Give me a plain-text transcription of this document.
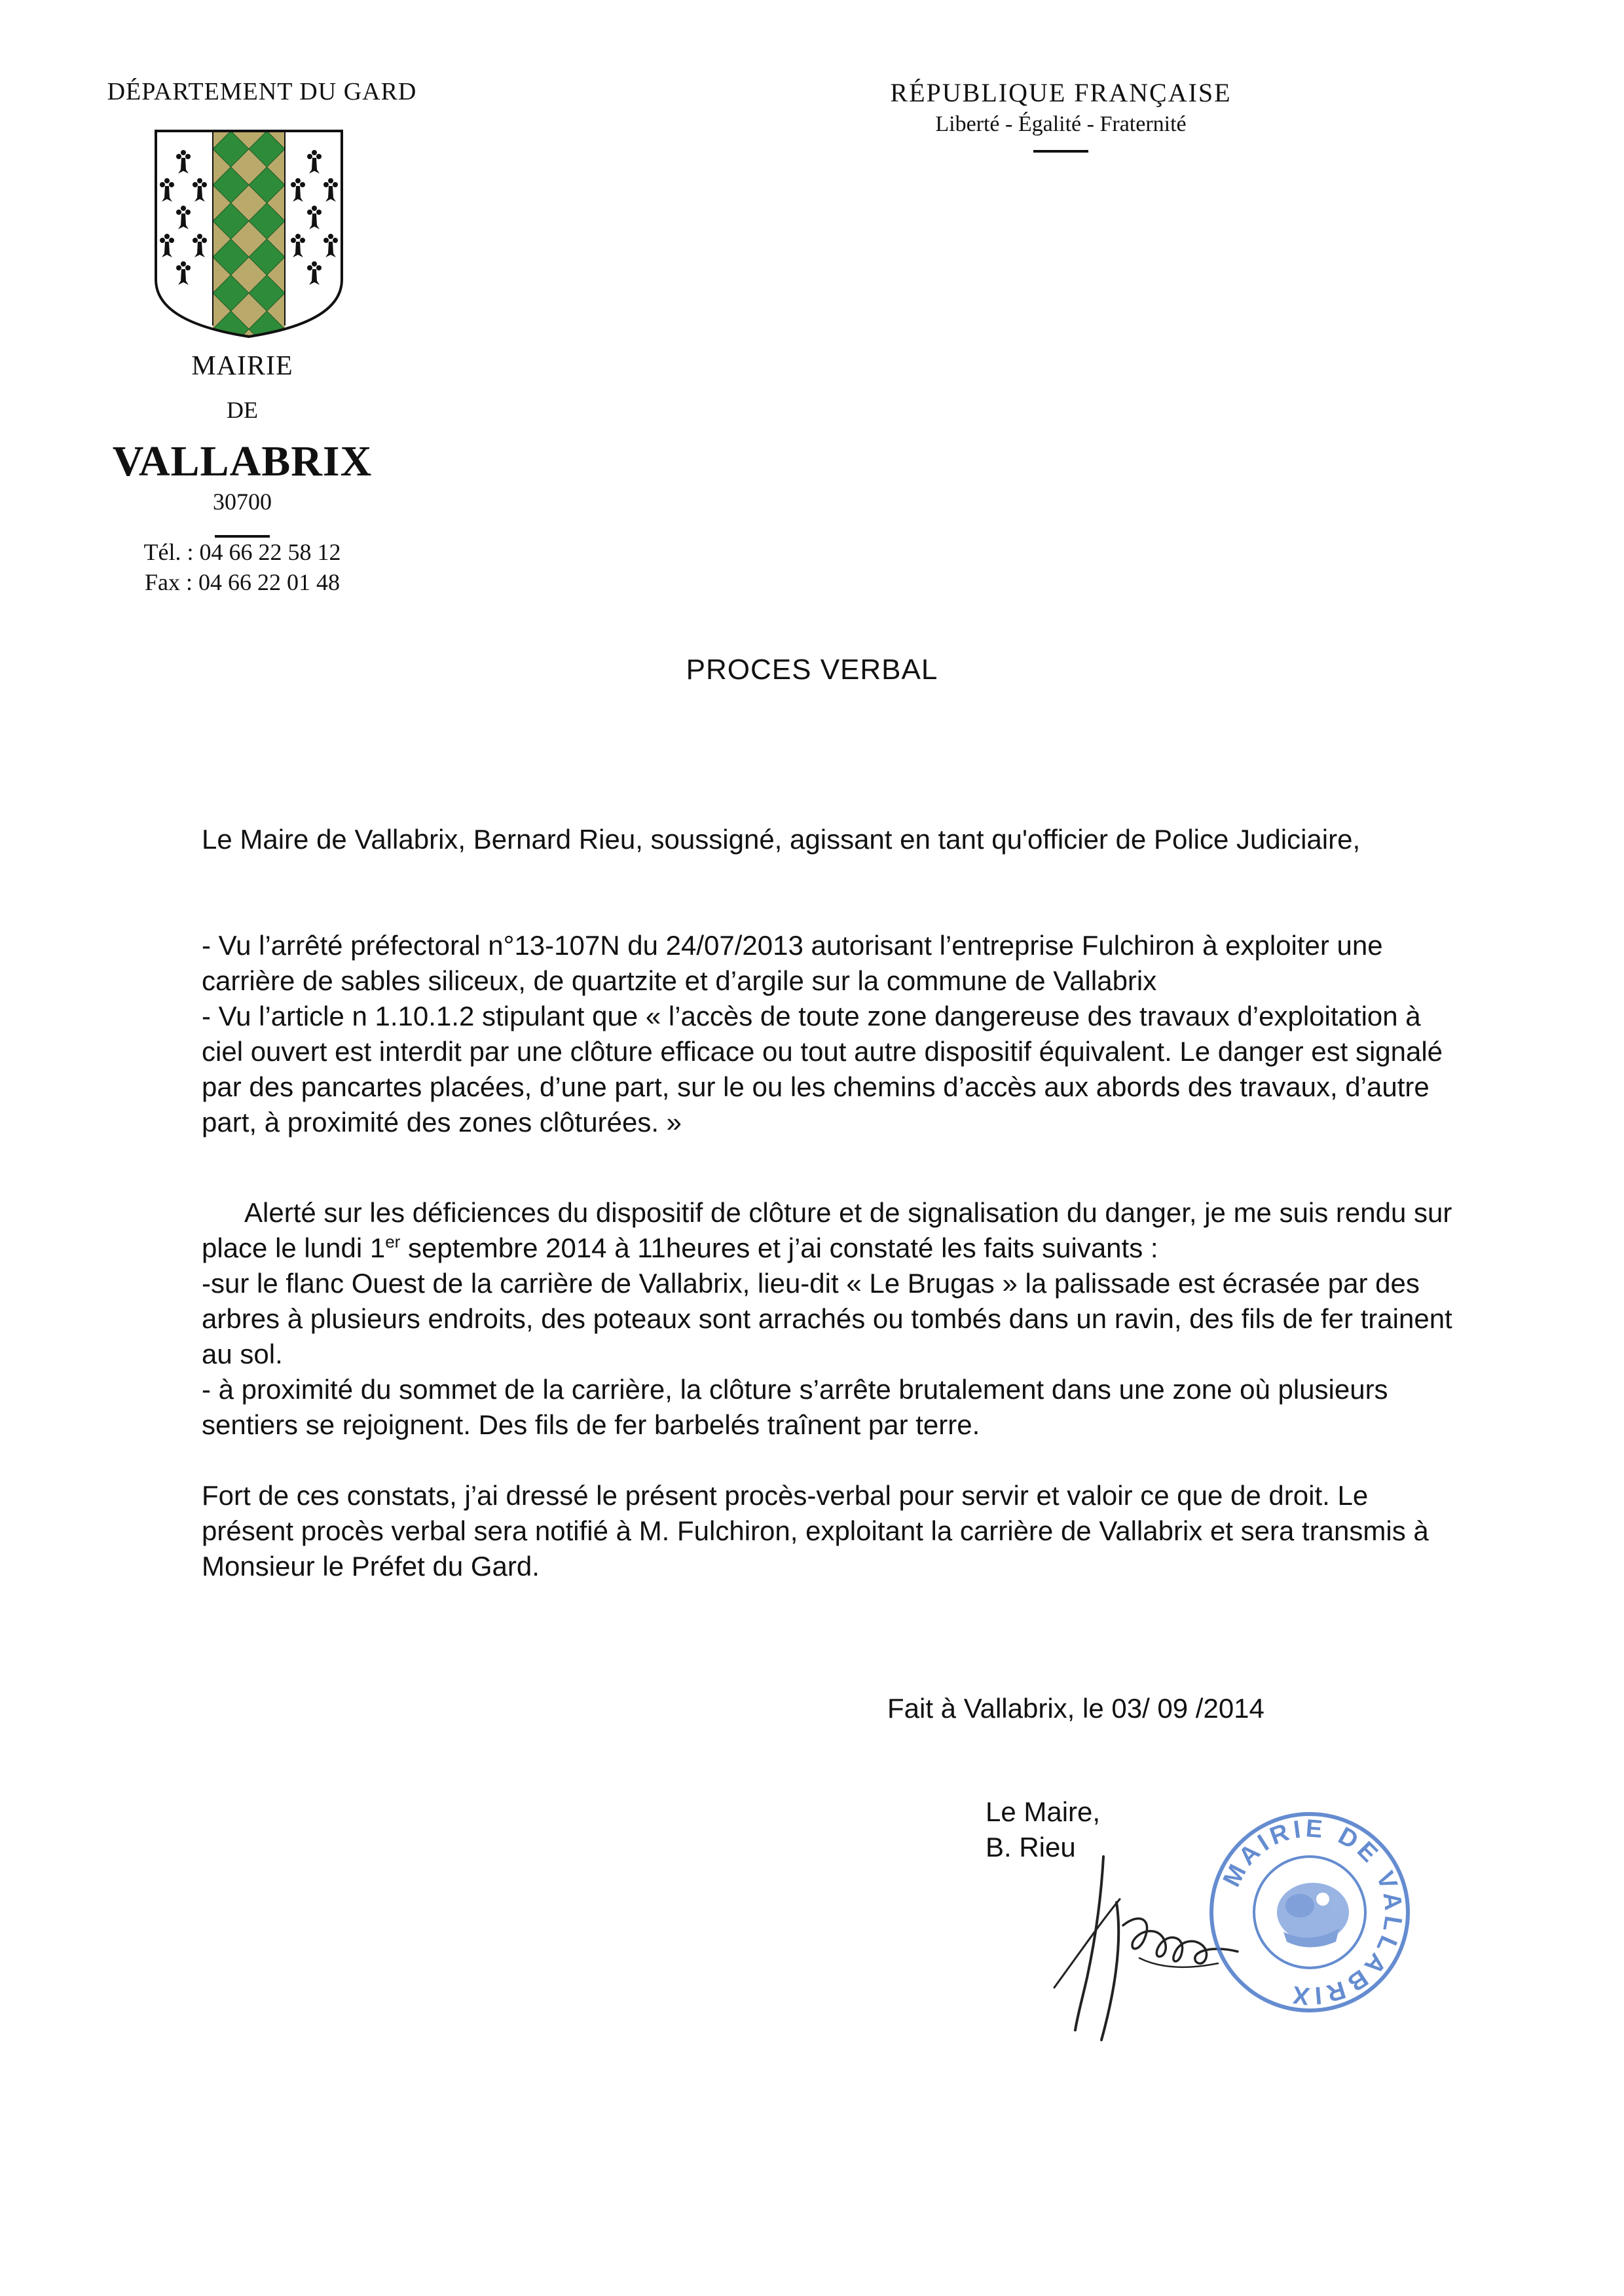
DÉPARTEMENT DU GARD
MAIRIE
DE
VALLABRIX
30700
Tél. : 04 66 22 58 12
Fax : 04 66 22 01 48
RÉPUBLIQUE FRANÇAISE
Liberté - Égalité - Fraternité
PROCES VERBAL

Le Maire de Vallabrix, Bernard Rieu, soussigné, agissant en tant qu'officier de Police Judiciaire,

- Vu l’arrêté préfectoral n°13-107N du 24/07/2013 autorisant l’entreprise Fulchiron à exploiter une carrière de sables siliceux, de quartzite et d’argile sur la commune de Vallabrix

- Vu l’article n 1.10.1.2 stipulant que « l’accès de toute zone dangereuse des travaux d’exploitation à ciel ouvert est interdit par une clôture efficace ou tout autre dispositif équivalent. Le danger est signalé par des pancartes placées, d’une part, sur le ou les chemins d’accès aux abords des travaux, d’autre part, à proximité des zones clôturées. »

Alerté sur les déficiences du dispositif de clôture et de signalisation du danger, je me suis rendu sur place le lundi 1er septembre 2014 à 11heures et j’ai constaté les faits suivants :

-sur le flanc Ouest de la carrière de Vallabrix, lieu-dit « Le Brugas » la palissade est écrasée par des arbres à plusieurs endroits, des poteaux sont arrachés ou tombés dans un ravin, des fils de fer trainent au sol.

- à proximité du sommet de la carrière, la clôture s’arrête brutalement dans une zone où plusieurs sentiers se rejoignent. Des fils de fer barbelés traînent par terre.

Fort de ces constats, j’ai dressé le présent procès-verbal pour servir et valoir ce que de droit. Le présent procès verbal sera notifié à M. Fulchiron, exploitant la carrière de Vallabrix et sera transmis à Monsieur le Préfet du Gard.

Fait à Vallabrix, le 03/ 09 /2014
Le Maire,
B. Rieu
MAIRIE DE VALLABRIX
